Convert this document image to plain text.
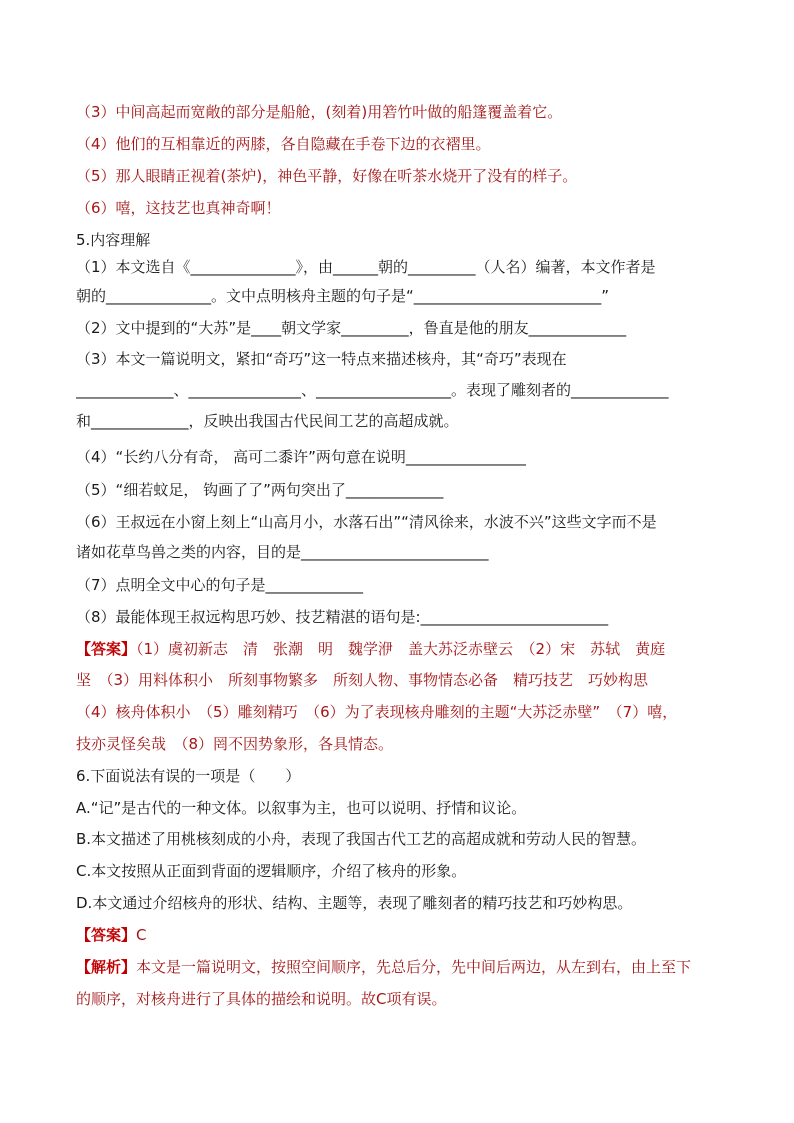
（3）中间高起而宽敞的部分是船舱，(刻着)用箬竹叶做的船篷覆盖着它。
（4）他们的互相靠近的两膝，各自隐藏在手卷下边的衣褶里。
（5）那人眼睛正视着(茶炉)，神色平静，好像在听茶水烧开了没有的样子。
（6）嘻，这技艺也真神奇啊！
5.内容理解
（1）本文选自《______________》，由______朝的_________（人名）编著，本文作者是
朝的______________。文中点明核舟主题的句子是“_________________________”
（2）文中提到的“大苏”是____朝文学家_________，鲁直是他的朋友_____________
（3）本文一篇说明文，紧扣“奇巧”这一特点来描述核舟，其“奇巧”表现在
_____________、_______________、__________________。表现了雕刻者的_____________
和_____________，反映出我国古代民间工艺的高超成就。
（4）“长约八分有奇， 高可二黍许”两句意在说明________________
（5）“细若蚊足， 钩画了了”两句突出了_____________
（6）王叔远在小窗上刻上“山高月小，水落石出”“清风徐来，水波不兴”这些文字而不是
诸如花草鸟兽之类的内容，目的是_________________________
（7）点明全文中心的句子是_____________
（8）最能体现王叔远构思巧妙、技艺精湛的语句是:_________________________
【答案】（1）虞初新志　清　张潮　明　魏学洢　盖大苏泛赤壁云　（2）宋　苏轼　黄庭
坚　（3）用料体积小　所刻事物繁多　所刻人物、事物情态必备　精巧技艺　巧妙构思
（4）核舟体积小　（5）雕刻精巧　（6）为了表现核舟雕刻的主题“大苏泛赤壁”　（7）嘻，
技亦灵怪矣哉　（8）罔不因势象形，各具情态。
6.下面说法有误的一项是（　　）
A.“记”是古代的一种文体。以叙事为主，也可以说明、抒情和议论。
B.本文描述了用桃核刻成的小舟，表现了我国古代工艺的高超成就和劳动人民的智慧。
C.本文按照从正面到背面的逻辑顺序，介绍了核舟的形象。
D.本文通过介绍核舟的形状、结构、主题等，表现了雕刻者的精巧技艺和巧妙构思。
【答案】C
【解析】本文是一篇说明文，按照空间顺序，先总后分，先中间后两边，从左到右，由上至下
的顺序，对核舟进行了具体的描绘和说明。故C项有误。
